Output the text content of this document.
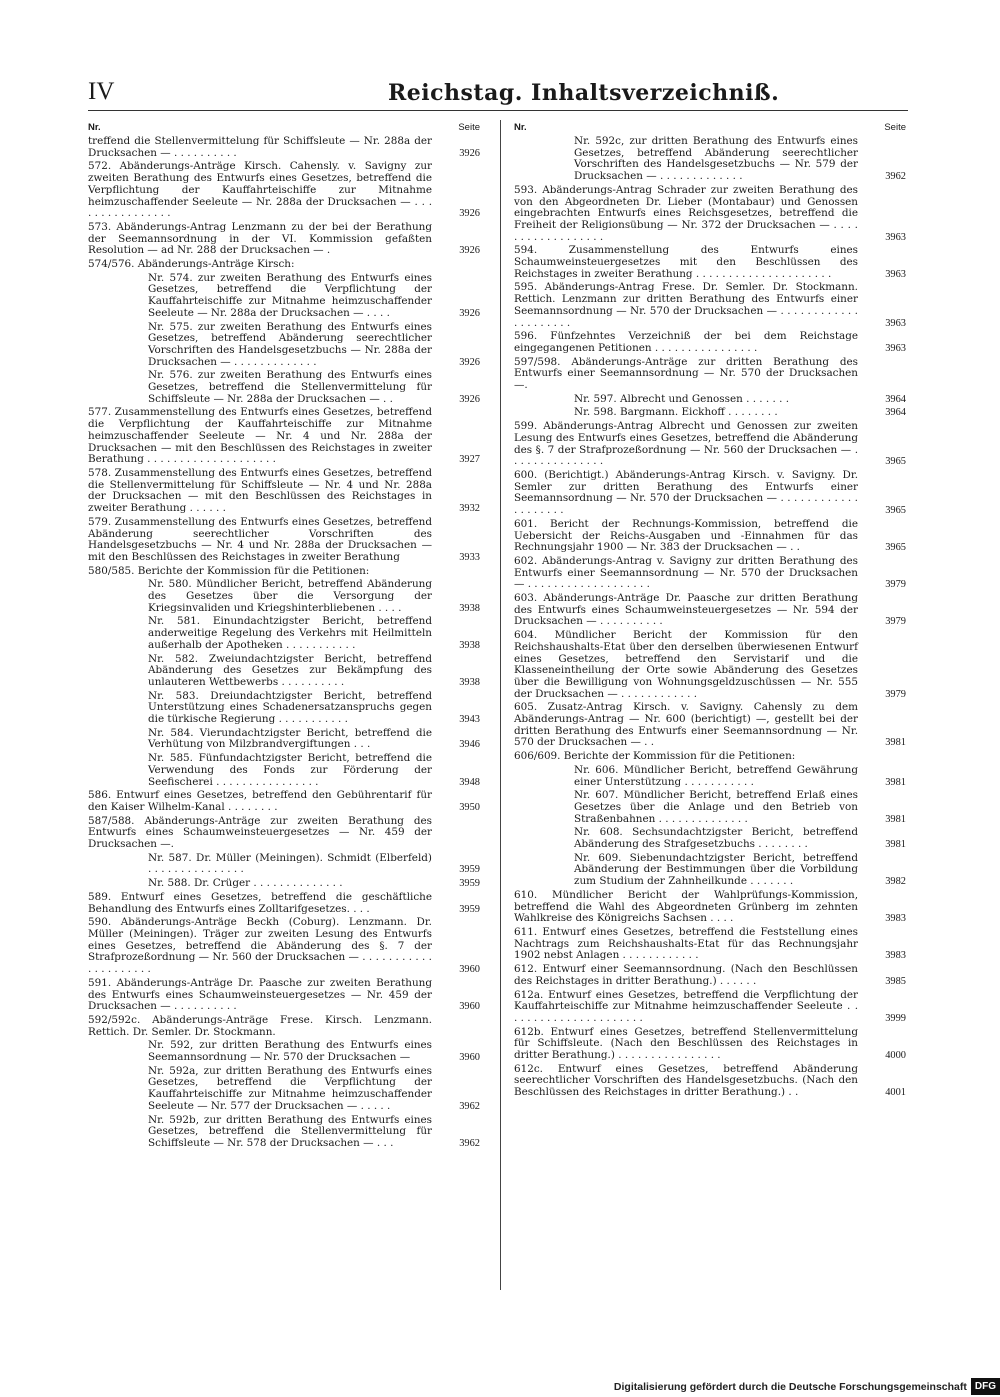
IV	Reichstag. Inhaltsverzeichniß.
Nr.	Seite
treffend die Stellenvermittelung für Schiffsleute — Nr. 288a der Drucksachen — . . . . . . . . . .	3926
572. Abänderungs-Anträge Kirsch. Cahensly. v. Savigny zur zweiten Berathung des Entwurfs eines Gesetzes, betreffend die Verpflichtung der Kauffahrteischiffe zur Mitnahme heimzuschaffender Seeleute — Nr. 288a der Drucksachen — . . . . . . . . . . . . . . . .	3926
573. Abänderungs-Antrag Lenzmann zu der bei der Berathung der Seemannsordnung in der VI. Kommission gefaßten Resolution — ad Nr. 288 der Drucksachen — .	3926
574/576. Abänderungs-Anträge Kirsch:
Nr. 574. zur zweiten Berathung des Entwurfs eines Gesetzes, betreffend die Verpflichtung der Kauffahrteischiffe zur Mitnahme heimzuschaffender Seeleute — Nr. 288a der Drucksachen — . . . .	3926
Nr. 575. zur zweiten Berathung des Entwurfs eines Gesetzes, betreffend Abänderung seerechtlicher Vorschriften des Handelsgesetzbuchs — Nr. 288a der Drucksachen — . . . . . . . . . . . . .	3926
Nr. 576. zur zweiten Berathung des Entwurfs eines Gesetzes, betreffend die Stellenvermittelung für Schiffsleute — Nr. 288a der Drucksachen — . .	3926
577. Zusammenstellung des Entwurfs eines Gesetzes, betreffend die Verpflichtung der Kauffahrteischiffe zur Mitnahme heimzuschaffender Seeleute — Nr. 4 und Nr. 288a der Drucksachen — mit den Beschlüssen des Reichstages in zweiter Berathung . . . . . . . . . . . . . . . . . . . .	3927
578. Zusammenstellung des Entwurfs eines Gesetzes, betreffend die Stellenvermittelung für Schiffsleute — Nr. 4 und Nr. 288a der Drucksachen — mit den Beschlüssen des Reichstages in zweiter Berathung . . . . . .	3932
579. Zusammenstellung des Entwurfs eines Gesetzes, betreffend Abänderung seerechtlicher Vorschriften des Handelsgesetzbuchs — Nr. 4 und Nr. 288a der Drucksachen — mit den Beschlüssen des Reichstages in zweiter Berathung	3933
580/585. Berichte der Kommission für die Petitionen:
Nr. 580. Mündlicher Bericht, betreffend Abänderung des Gesetzes über die Versorgung der Kriegsinvaliden und Kriegshinterbliebenen . . . .	3938
Nr. 581. Einundachtzigster Bericht, betreffend anderweitige Regelung des Verkehrs mit Heilmitteln außerhalb der Apotheken . . . . . . . . . . .	3938
Nr. 582. Zweiundachtzigster Bericht, betreffend Abänderung des Gesetzes zur Bekämpfung des unlauteren Wettbewerbs . . . . . . . . . .	3938
Nr. 583. Dreiundachtzigster Bericht, betreffend Unterstützung eines Schadenersatzanspruchs gegen die türkische Regierung . . . . . . . . . . .	3943
Nr. 584. Vierundachtzigster Bericht, betreffend die Verhütung von Milzbrandvergiftungen . . .	3946
Nr. 585. Fünfundachtzigster Bericht, betreffend die Verwendung des Fonds zur Förderung der Seefischerei . . . . . . . . . . . . . . . .	3948
586. Entwurf eines Gesetzes, betreffend den Gebührentarif für den Kaiser Wilhelm-Kanal . . . . . . . .	3950
587/588. Abänderungs-Anträge zur zweiten Berathung des Entwurfs eines Schaumweinsteuergesetzes — Nr. 459 der Drucksachen —.
Nr. 587. Dr. Müller (Meiningen). Schmidt (Elberfeld) . . . . . . . . . . . . . . .	3959
Nr. 588. Dr. Crüger . . . . . . . . . . . . . .	3959
589. Entwurf eines Gesetzes, betreffend die geschäftliche Behandlung des Entwurfs eines Zolltarifgesetzes. . . .	3959
590. Abänderungs-Anträge Beckh (Coburg). Lenzmann. Dr. Müller (Meiningen). Träger zur zweiten Lesung des Entwurfs eines Gesetzes, betreffend die Abänderung des §. 7 der Strafprozeßordnung — Nr. 560 der Drucksachen — . . . . . . . . . . . . . . . . . . . . .	3960
591. Abänderungs-Anträge Dr. Paasche zur zweiten Berathung des Entwurfs eines Schaumweinsteuergesetzes — Nr. 459 der Drucksachen — . . . . . . . . . .	3960
592/592c. Abänderungs-Anträge Frese. Kirsch. Lenzmann. Rettich. Dr. Semler. Dr. Stockmann.
Nr. 592, zur dritten Berathung des Entwurfs eines Seemannsordnung — Nr. 570 der Drucksachen —	3960
Nr. 592a, zur dritten Berathung des Entwurfs eines Gesetzes, betreffend die Verpflichtung der Kauffahrteischiffe zur Mitnahme heimzuschaffender Seeleute — Nr. 577 der Drucksachen — . . . . .	3962
Nr. 592b, zur dritten Berathung des Entwurfs eines Gesetzes, betreffend die Stellenvermittelung für Schiffsleute — Nr. 578 der Drucksachen — . . .	3962
Nr.	Seite
Nr. 592c, zur dritten Berathung des Entwurfs eines Gesetzes, betreffend Abänderung seerechtlicher Vorschriften des Handelsgesetzbuchs — Nr. 579 der Drucksachen — . . . . . . . . . . . . .	3962
593. Abänderungs-Antrag Schrader zur zweiten Berathung des von den Abgeordneten Dr. Lieber (Montabaur) und Genossen eingebrachten Entwurfs eines Reichsgesetzes, betreffend die Freiheit der Religionsübung — Nr. 372 der Drucksachen — . . . . . . . . . . . . . . . . . .	3963
594. Zusammenstellung des Entwurfs eines Schaumweinsteuergesetzes mit den Beschlüssen des Reichstages in zweiter Berathung . . . . . . . . . . . . . . . . . . . . .	3963
595. Abänderungs-Antrag Frese. Dr. Semler. Dr. Stockmann. Rettich. Lenzmann zur dritten Berathung des Entwurfs einer Seemannsordnung — Nr. 570 der Drucksachen — . . . . . . . . . . . . . . . . . . . . .	3963
596. Fünfzehntes Verzeichniß der bei dem Reichstage eingegangenen Petitionen . . . . . . . . . . . . . . . .	3963
597/598. Abänderungs-Anträge zur dritten Berathung des Entwurfs einer Seemannsordnung — Nr. 570 der Drucksachen —.
Nr. 597. Albrecht und Genossen . . . . . . .	3964
Nr. 598. Bargmann. Eickhoff . . . . . . . .	3964
599. Abänderungs-Antrag Albrecht und Genossen zur zweiten Lesung des Entwurfs eines Gesetzes, betreffend die Abänderung des §. 7 der Strafprozeßordnung — Nr. 560 der Drucksachen — . . . . . . . . . . . . . . .	3965
600. (Berichtigt.) Abänderungs-Antrag Kirsch. v. Savigny. Dr. Semler zur dritten Berathung des Entwurfs einer Seemannsordnung — Nr. 570 der Drucksachen — . . . . . . . . . . . . . . . . . . . .	3965
601. Bericht der Rechnungs-Kommission, betreffend die Uebersicht der Reichs-Ausgaben und -Einnahmen für das Rechnungsjahr 1900 — Nr. 383 der Drucksachen — . .	3965
602. Abänderungs-Antrag v. Savigny zur dritten Berathung des Entwurfs einer Seemannsordnung — Nr. 570 der Drucksachen — . . . . . . . . . . . . . . . . . . .	3979
603. Abänderungs-Anträge Dr. Paasche zur dritten Berathung des Entwurfs eines Schaumweinsteuergesetzes — Nr. 594 der Drucksachen — . . . . . . . . . .	3979
604. Mündlicher Bericht der Kommission für den Reichshaushalts-Etat über den derselben überwiesenen Entwurf eines Gesetzes, betreffend den Servistarif und die Klasseneintheilung der Orte sowie Abänderung des Gesetzes über die Bewilligung von Wohnungsgeldzuschüssen — Nr. 555 der Drucksachen — . . . . . . . . . . . .	3979
605. Zusatz-Antrag Kirsch. v. Savigny. Cahensly zu dem Abänderungs-Antrag — Nr. 600 (berichtigt) —, gestellt bei der dritten Berathung des Entwurfs einer Seemannsordnung — Nr. 570 der Drucksachen — . .	3981
606/609. Berichte der Kommission für die Petitionen:
Nr. 606. Mündlicher Bericht, betreffend Gewährung einer Unterstützung . . . . . . . . . . .	3981
Nr. 607. Mündlicher Bericht, betreffend Erlaß eines Gesetzes über die Anlage und den Betrieb von Straßenbahnen . . . . . . . . . . . . . .	3981
Nr. 608. Sechsundachtzigster Bericht, betreffend Abänderung des Strafgesetzbuchs . . . . . . . .	3981
Nr. 609. Siebenundachtzigster Bericht, betreffend Abänderung der Bestimmungen über die Vorbildung zum Studium der Zahnheilkunde . . . . . . .	3982
610. Mündlicher Bericht der Wahlprüfungs-Kommission, betreffend die Wahl des Abgeordneten Grünberg im zehnten Wahlkreise des Königreichs Sachsen . . . .	3983
611. Entwurf eines Gesetzes, betreffend die Feststellung eines Nachtrags zum Reichshaushalts-Etat für das Rechnungsjahr 1902 nebst Anlagen . . . . . . . . . . . .	3983
612. Entwurf einer Seemannsordnung. (Nach den Beschlüssen des Reichstages in dritter Berathung.) . . . . . .	3985
612a. Entwurf eines Gesetzes, betreffend die Verpflichtung der Kauffahrteischiffe zur Mitnahme heimzuschaffender Seeleute . . . . . . . . . . . . . . . . . . . . . .	3999
612b. Entwurf eines Gesetzes, betreffend Stellenvermittelung für Schiffsleute. (Nach den Beschlüssen des Reichstages in dritter Berathung.) . . . . . . . . . . . . . . . .	4000
612c. Entwurf eines Gesetzes, betreffend Abänderung seerechtlicher Vorschriften des Handelsgesetzbuchs. (Nach den Beschlüssen des Reichstages in dritter Berathung.) . .	4001
Digitalisierung gefördert durch die Deutsche Forschungsgemeinschaft DFG
